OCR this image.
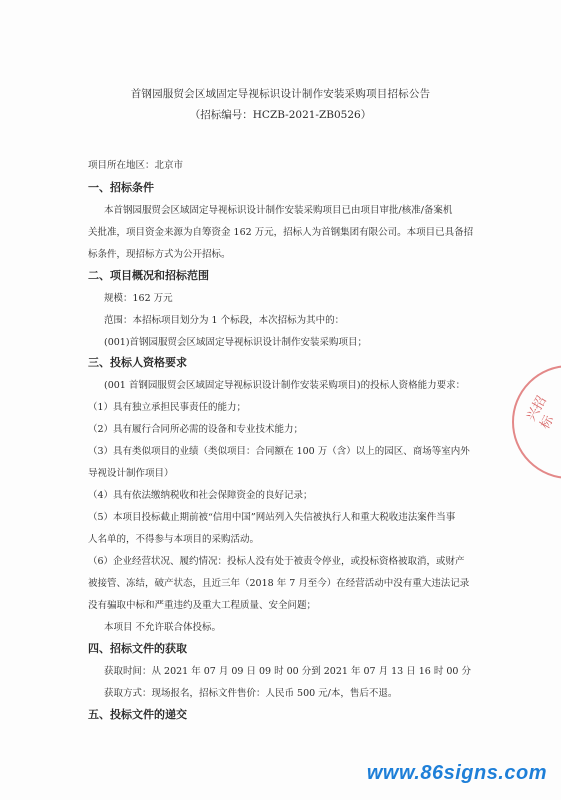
首钢园服贸会区域固定导视标识设计制作安装采购项目招标公告
（招标编号：HCZB-2021-ZB0526）
项目所在地区：北京市
一、招标条件
本首钢园服贸会区域固定导视标识设计制作安装采购项目已由项目审批/核准/备案机
关批准，项目资金来源为自筹资金 162 万元，招标人为首钢集团有限公司。本项目已具备招
标条件，现招标方式为公开招标。
二、项目概况和招标范围
规模：162 万元
范围：本招标项目划分为 1 个标段，本次招标为其中的：
(001)首钢园服贸会区域固定导视标识设计制作安装采购项目；
三、投标人资格要求
(001 首钢园服贸会区域固定导视标识设计制作安装采购项目)的投标人资格能力要求：
（1）具有独立承担民事责任的能力；
（2）具有履行合同所必需的设备和专业技术能力；
（3）具有类似项目的业绩（类似项目：合同额在 100 万（含）以上的园区、商场等室内外
导视设计制作项目）
（4）具有依法缴纳税收和社会保障资金的良好记录；
（5）本项目投标截止期前被“信用中国”网站列入失信被执行人和重大税收违法案件当事
人名单的，不得参与本项目的采购活动。
（6）企业经营状况、履约情况：投标人没有处于被责令停业，或投标资格被取消，或财产
被接管、冻结，破产状态，且近三年（2018 年 7 月至今）在经营活动中没有重大违法记录
没有骗取中标和严重违约及重大工程质量、安全问题；
本项目 不允许联合体投标。
四、招标文件的获取
获取时间：从 2021 年 07 月 09 日 09 时 00 分到 2021 年 07 月 13 日 16 时 00 分
获取方式：现场报名，招标文件售价：人民币 500 元/本，售后不退。
五、投标文件的递交
兴招标
www.86signs.com
